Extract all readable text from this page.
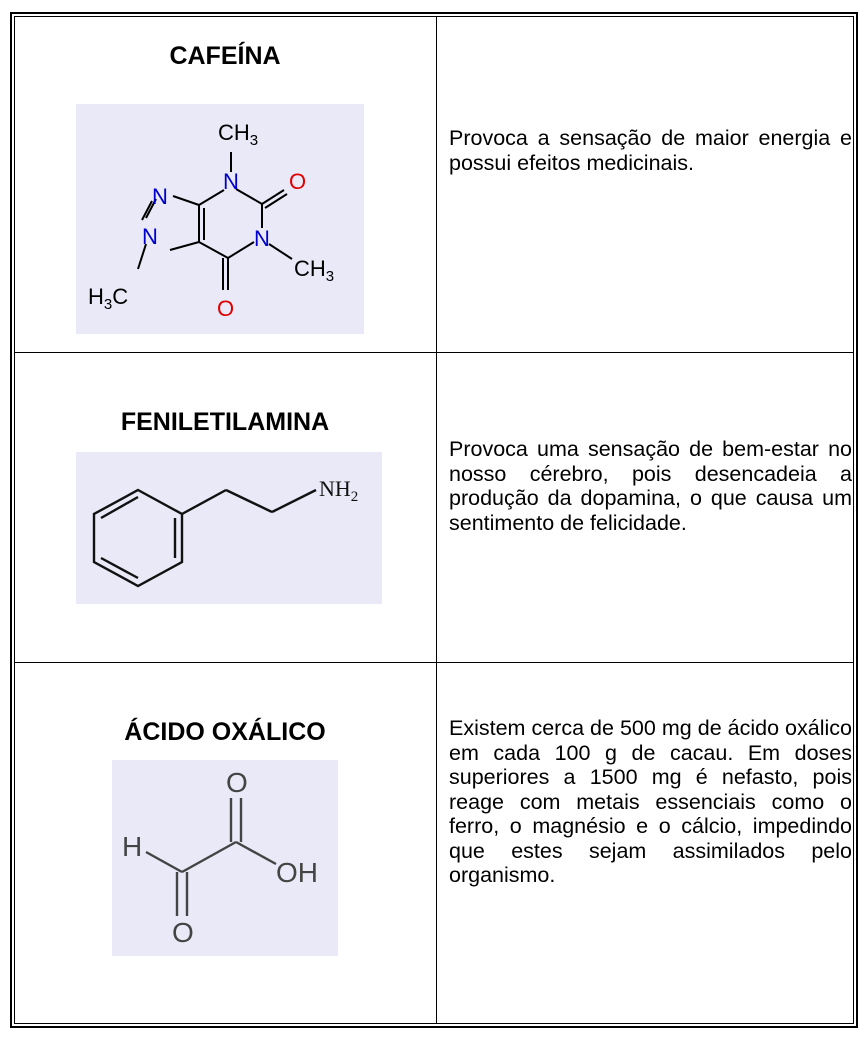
CAFEÍNA
$CH_3$
N
N
N	N
O
O
$CH_3$
$H_3C$
Provoca a sensação de maior energia e possui efeitos medicinais.
FENILETILAMINA
$NH_2$
Provoca uma sensação de bem-estar no nosso cérebro, pois desencadeia a produção da dopamina, o que causa um sentimento de felicidade.
ÁCIDO OXÁLICO
H
O
OH
O
Existem cerca de 500 mg de ácido oxálico em cada 100 g de cacau. Em doses superiores a 1500 mg é nefasto, pois reage com metais essenciais como o ferro, o magnésio e o cálcio, impedindo que estes sejam assimilados pelo organismo.
